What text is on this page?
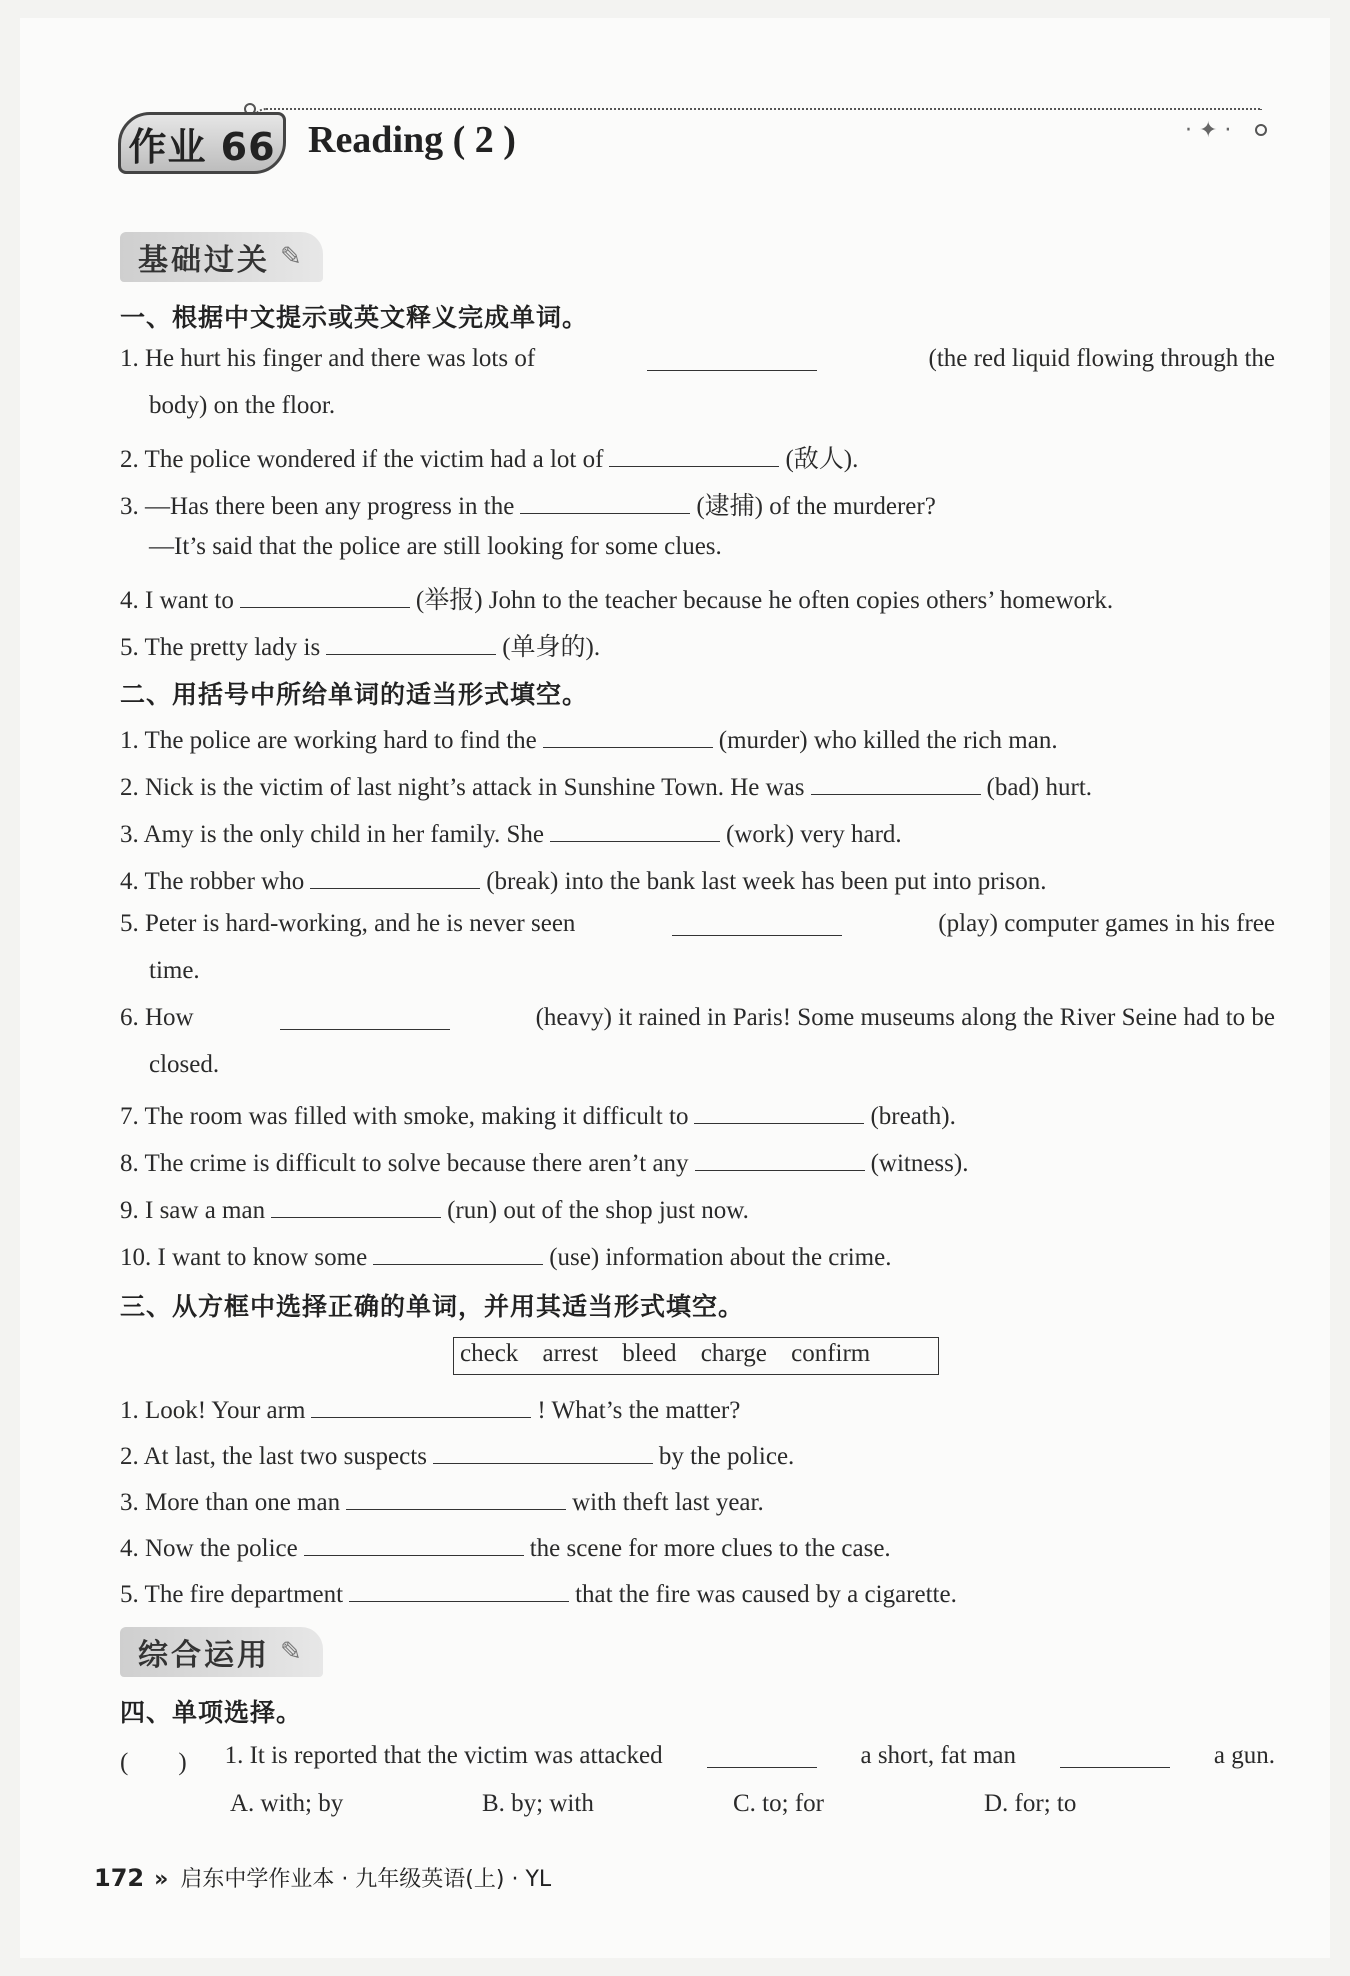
作业 66 Reading ( 2 )	· ✦ ·
基础过关 ✎
一、根据中文提示或英文释义完成单词。
1. He hurt his finger and there was lots of	(the red liquid flowing through the
body) on the floor.
2. The police wondered if the victim had a lot of	(敌人).
3. —Has there been any progress in the	(逮捕) of the murderer?
—It’s said that the police are still looking for some clues.
4. I want to	(举报) John to the teacher because he often copies others’ homework.
5. The pretty lady is	(单身的).
二、用括号中所给单词的适当形式填空。
1. The police are working hard to find the	(murder) who killed the rich man.
2. Nick is the victim of last night’s attack in Sunshine Town. He was	(bad) hurt.
3. Amy is the only child in her family. She	(work) very hard.
4. The robber who	(break) into the bank last week has been put into prison.
5. Peter is hard-working, and he is never seen	(play) computer games in his free
time.
6. How	(heavy) it rained in Paris! Some museums along the River Seine had to be
closed.
7. The room was filled with smoke, making it difficult to	(breath).
8. The crime is difficult to solve because there aren’t any	(witness).
9. I saw a man	(run) out of the shop just now.
10. I want to know some	(use) information about the crime.
三、从方框中选择正确的单词，并用其适当形式填空。
check arrest bleed charge confirm
1. Look! Your arm	! What’s the matter?
2. At last, the last two suspects	by the police.
3. More than one man	with theft last year.
4. Now the police	the scene for more clues to the case.
5. The fire department	that the fire was caused by a cigarette.
综合运用 ✎
四、单项选择。
(　　) 1. It is reported that the victim was attacked	a short, fat man	a gun.
A. with; by	B. by; with	C. to; for	D. for; to
172 » 启东中学作业本 · 九年级英语(上) · YL
